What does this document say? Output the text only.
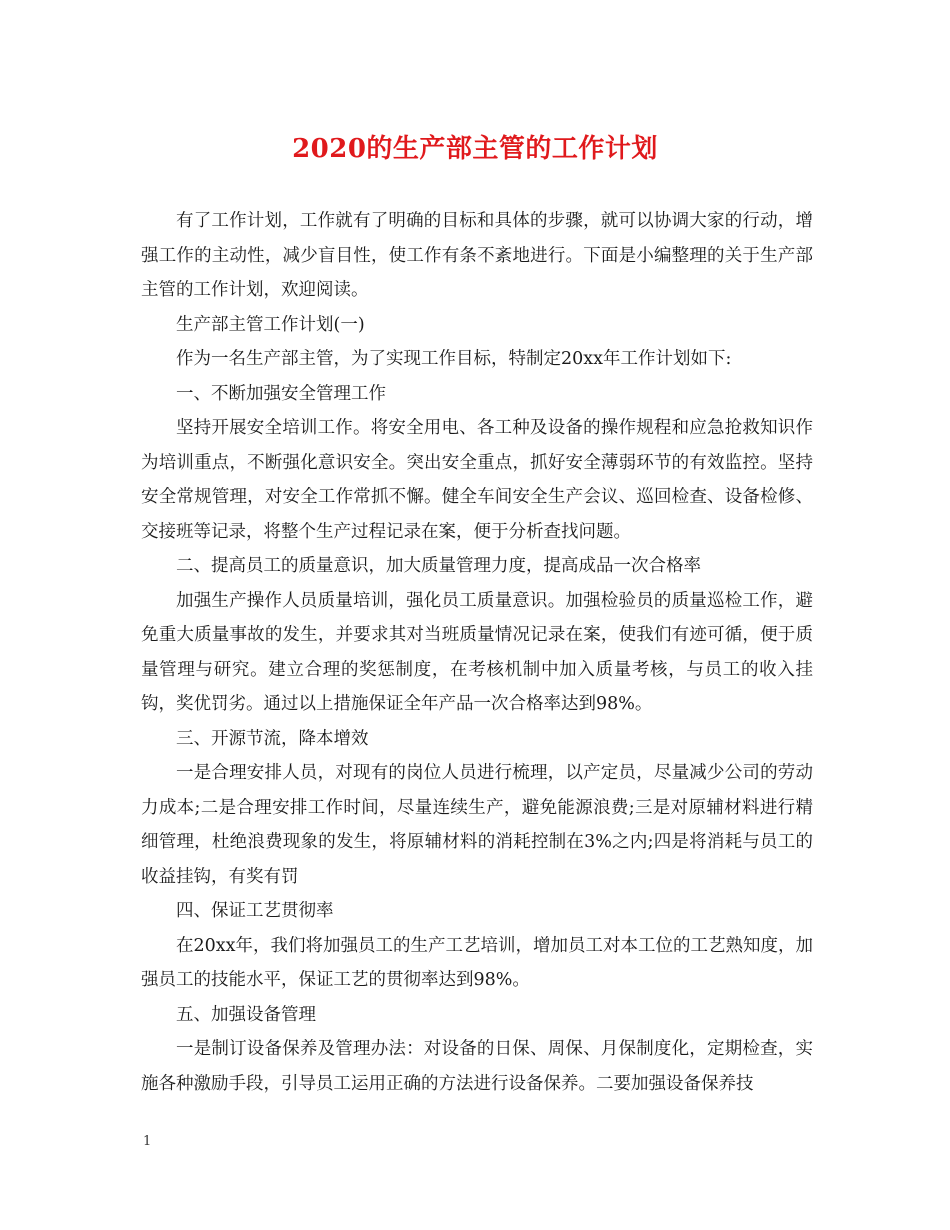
2020的生产部主管的工作计划

有了工作计划，工作就有了明确的目标和具体的步骤，就可以协调大家的行动，增强工作的主动性，减少盲目性，使工作有条不紊地进行。下面是小编整理的关于生产部主管的工作计划，欢迎阅读。

生产部主管工作计划(一)

作为一名生产部主管，为了实现工作目标，特制定20xx年工作计划如下:

一、不断加强安全管理工作

坚持开展安全培训工作。将安全用电、各工种及设备的操作规程和应急抢救知识作为培训重点，不断强化意识安全。突出安全重点，抓好安全薄弱环节的有效监控。坚持安全常规管理，对安全工作常抓不懈。健全车间安全生产会议、巡回检查、设备检修、交接班等记录，将整个生产过程记录在案，便于分析查找问题。

二、提高员工的质量意识，加大质量管理力度，提高成品一次合格率

加强生产操作人员质量培训，强化员工质量意识。加强检验员的质量巡检工作，避免重大质量事故的发生，并要求其对当班质量情况记录在案，使我们有迹可循，便于质量管理与研究。建立合理的奖惩制度，在考核机制中加入质量考核，与员工的收入挂钩，奖优罚劣。通过以上措施保证全年产品一次合格率达到98%。

三、开源节流，降本增效

一是合理安排人员，对现有的岗位人员进行梳理，以产定员，尽量减少公司的劳动力成本;二是合理安排工作时间，尽量连续生产，避免能源浪费;三是对原辅材料进行精细管理，杜绝浪费现象的发生，将原辅材料的消耗控制在3%之内;四是将消耗与员工的收益挂钩，有奖有罚

四、保证工艺贯彻率

在20xx年，我们将加强员工的生产工艺培训，增加员工对本工位的工艺熟知度，加强员工的技能水平，保证工艺的贯彻率达到98%。

五、加强设备管理

一是制订设备保养及管理办法：对设备的日保、周保、月保制度化，定期检查，实施各种激励手段，引导员工运用正确的方法进行设备保养。二要加强设备保养技

1
